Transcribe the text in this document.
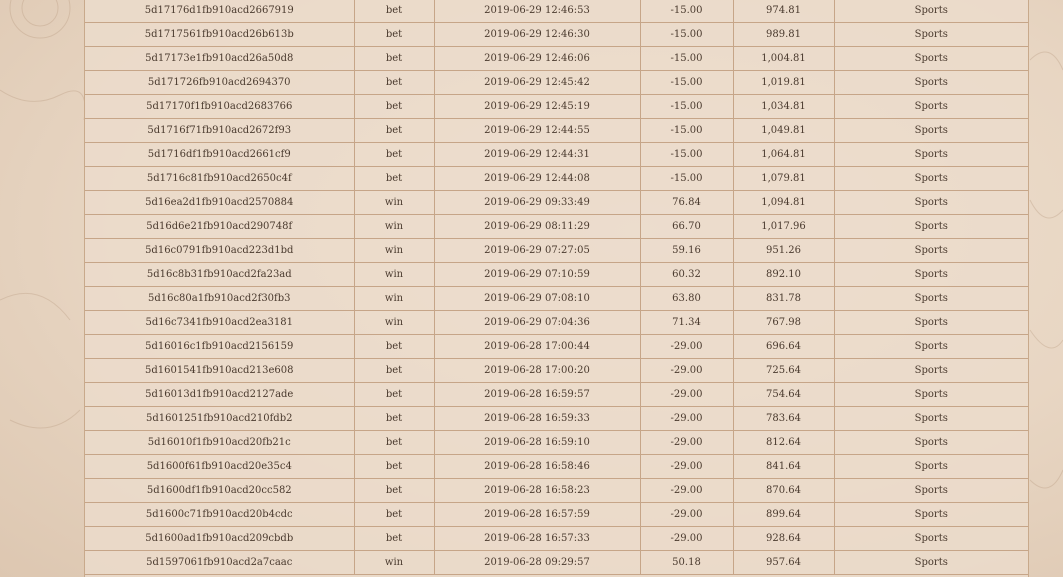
5d17176d1fb910acd2667919	bet	2019-06-29 12:46:53	-15.00	974.81	Sports
5d171756​1fb910acd26b613b	bet	2019-06-29 12:46:30	-15.00	989.81	Sports
5d17173e1fb910acd26a50d8	bet	2019-06-29 12:46:06	-15.00	1,004.81	Sports
5d171726fb910acd2694370	bet	2019-06-29 12:45:42	-15.00	1,019.81	Sports
5d17170f1fb910acd2683766	bet	2019-06-29 12:45:19	-15.00	1,034.81	Sports
5d1716f71fb910acd2672f93	bet	2019-06-29 12:44:55	-15.00	1,049.81	Sports
5d1716df1fb910acd2661cf9	bet	2019-06-29 12:44:31	-15.00	1,064.81	Sports
5d1716c81fb910acd2650c4f	bet	2019-06-29 12:44:08	-15.00	1,079.81	Sports
5d16ea2d1fb910acd2570884	win	2019-06-29 09:33:49	76.84	1,094.81	Sports
5d16d6e21fb910acd290748f	win	2019-06-29 08:11:29	66.70	1,017.96	Sports
5d16c0791fb910acd223d1bd	win	2019-06-29 07:27:05	59.16	951.26	Sports
5d16c8b31fb910acd2fa23ad	win	2019-06-29 07:10:59	60.32	892.10	Sports
5d16c80a1fb910acd2f30fb3	win	2019-06-29 07:08:10	63.80	831.78	Sports
5d16c7341fb910acd2ea3181	win	2019-06-29 07:04:36	71.34	767.98	Sports
5d16016c1fb910acd2156159	bet	2019-06-28 17:00:44	-29.00	696.64	Sports
5d1601541fb910acd213e608	bet	2019-06-28 17:00:20	-29.00	725.64	Sports
5d16013d1fb910acd2127ade	bet	2019-06-28 16:59:57	-29.00	754.64	Sports
5d1601251fb910acd210fdb2	bet	2019-06-28 16:59:33	-29.00	783.64	Sports
5d16010f1fb910acd20fb21c	bet	2019-06-28 16:59:10	-29.00	812.64	Sports
5d1600f61fb910acd20e35c4	bet	2019-06-28 16:58:46	-29.00	841.64	Sports
5d1600df1fb910acd20cc582	bet	2019-06-28 16:58:23	-29.00	870.64	Sports
5d1600c71fb910acd20b4cdc	bet	2019-06-28 16:57:59	-29.00	899.64	Sports
5d1600ad1fb910acd209cbdb	bet	2019-06-28 16:57:33	-29.00	928.64	Sports
5d15970​61fb910acd2a7caac	win	2019-06-28 09:29:57	50.18	957.64	Sports
